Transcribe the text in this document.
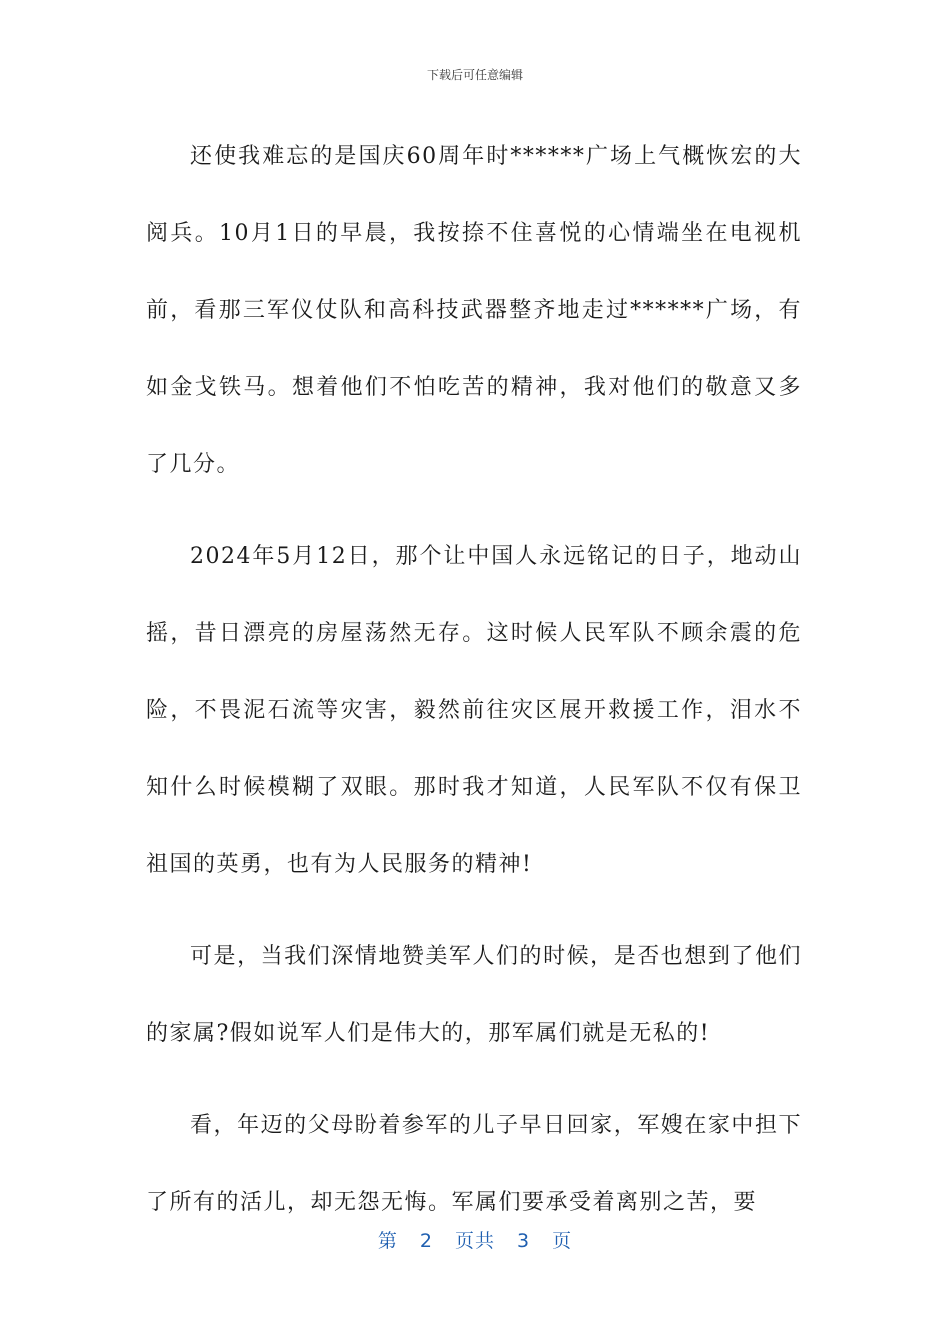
下载后可任意编辑

还使我难忘的是国庆60周年时******广场上气概恢宏的大阅兵。10月1日的早晨，我按捺不住喜悦的心情端坐在电视机前，看那三军仪仗队和高科技武器整齐地走过******广场，有如金戈铁马。想着他们不怕吃苦的精神，我对他们的敬意又多了几分。

2024年5月12日，那个让中国人永远铭记的日子，地动山摇，昔日漂亮的房屋荡然无存。这时候人民军队不顾余震的危险，不畏泥石流等灾害，毅然前往灾区展开救援工作，泪水不知什么时候模糊了双眼。那时我才知道，人民军队不仅有保卫祖国的英勇，也有为人民服务的精神!

可是，当我们深情地赞美军人们的时候，是否也想到了他们的家属?假如说军人们是伟大的，那军属们就是无私的!

看，年迈的父母盼着参军的儿子早日回家，军嫂在家中担下了所有的活儿，却无怨无悔。军属们要承受着离别之苦，要

第 2 页共 3 页
